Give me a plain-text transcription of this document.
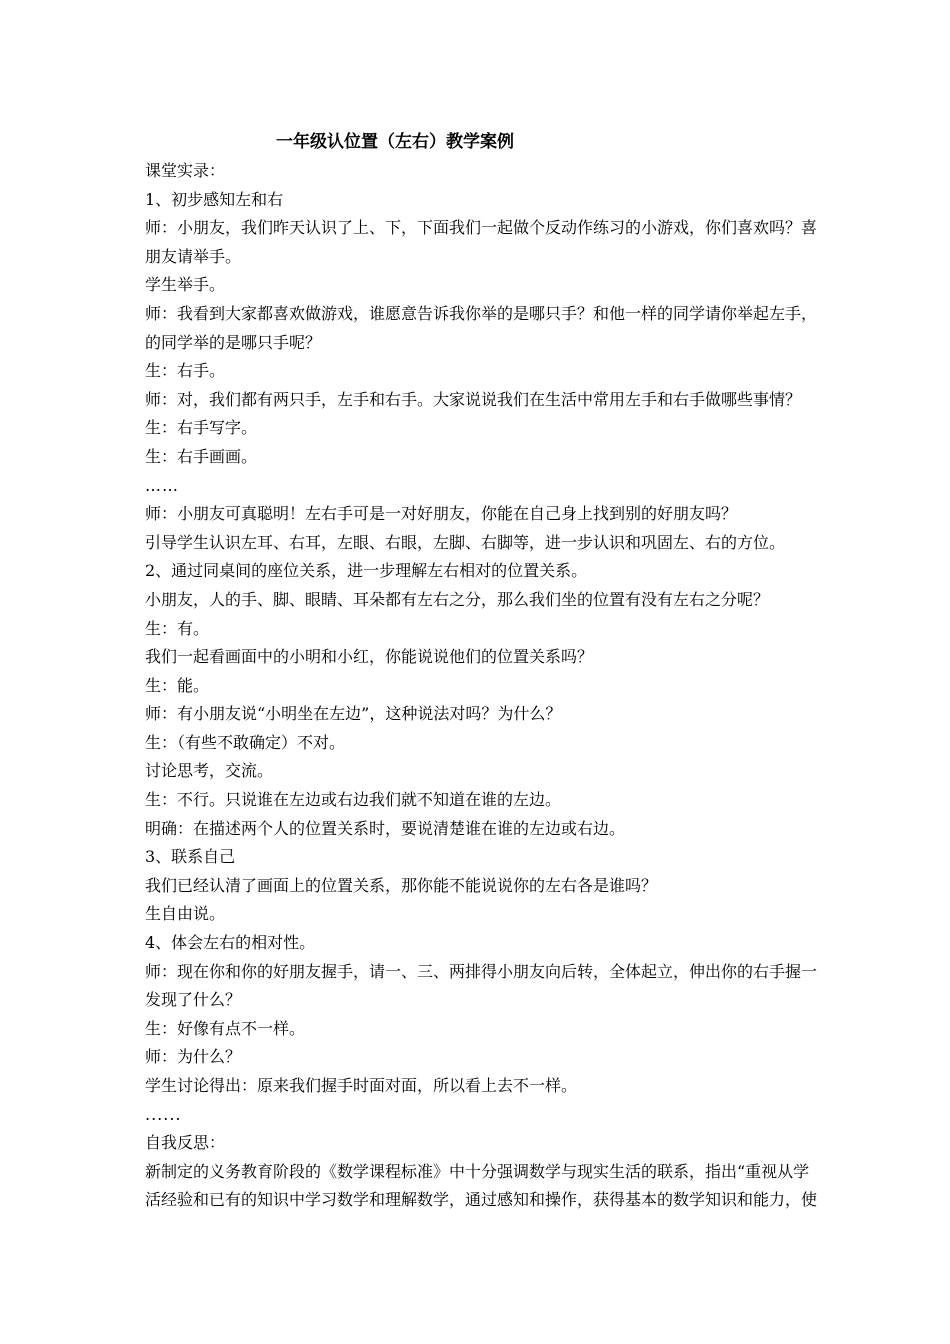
一年级认位置（左右）教学案例
课堂实录：
1、初步感知左和右
师：小朋友，我们昨天认识了上、下，下面我们一起做个反动作练习的小游戏，你们喜欢吗？喜
朋友请举手。
学生举手。
师：我看到大家都喜欢做游戏，谁愿意告诉我你举的是哪只手？和他一样的同学请你举起左手，
的同学举的是哪只手呢？
生：右手。
师：对，我们都有两只手，左手和右手。大家说说我们在生活中常用左手和右手做哪些事情？
生：右手写字。
生：右手画画。
……
师：小朋友可真聪明！左右手可是一对好朋友，你能在自己身上找到别的好朋友吗？
引导学生认识左耳、右耳，左眼、右眼，左脚、右脚等，进一步认识和巩固左、右的方位。
2、通过同桌间的座位关系，进一步理解左右相对的位置关系。
小朋友，人的手、脚、眼睛、耳朵都有左右之分，那么我们坐的位置有没有左右之分呢？
生：有。
我们一起看画面中的小明和小红，你能说说他们的位置关系吗？
生：能。
师：有小朋友说“小明坐在左边”，这种说法对吗？为什么？
生：（有些不敢确定）不对。
讨论思考，交流。
生：不行。只说谁在左边或右边我们就不知道在谁的左边。
明确：在描述两个人的位置关系时，要说清楚谁在谁的左边或右边。
3、联系自己
我们已经认清了画面上的位置关系，那你能不能说说你的左右各是谁吗？
生自由说。
4、体会左右的相对性。
师：现在你和你的好朋友握手，请一、三、两排得小朋友向后转，全体起立，伸出你的右手握一
发现了什么？
生：好像有点不一样。
师：为什么？
学生讨论得出：原来我们握手时面对面，所以看上去不一样。
......
自我反思：
新制定的义务教育阶段的《数学课程标准》中十分强调数学与现实生活的联系，指出“重视从学
活经验和已有的知识中学习数学和理解数学，通过感知和操作，获得基本的数学知识和能力，使
